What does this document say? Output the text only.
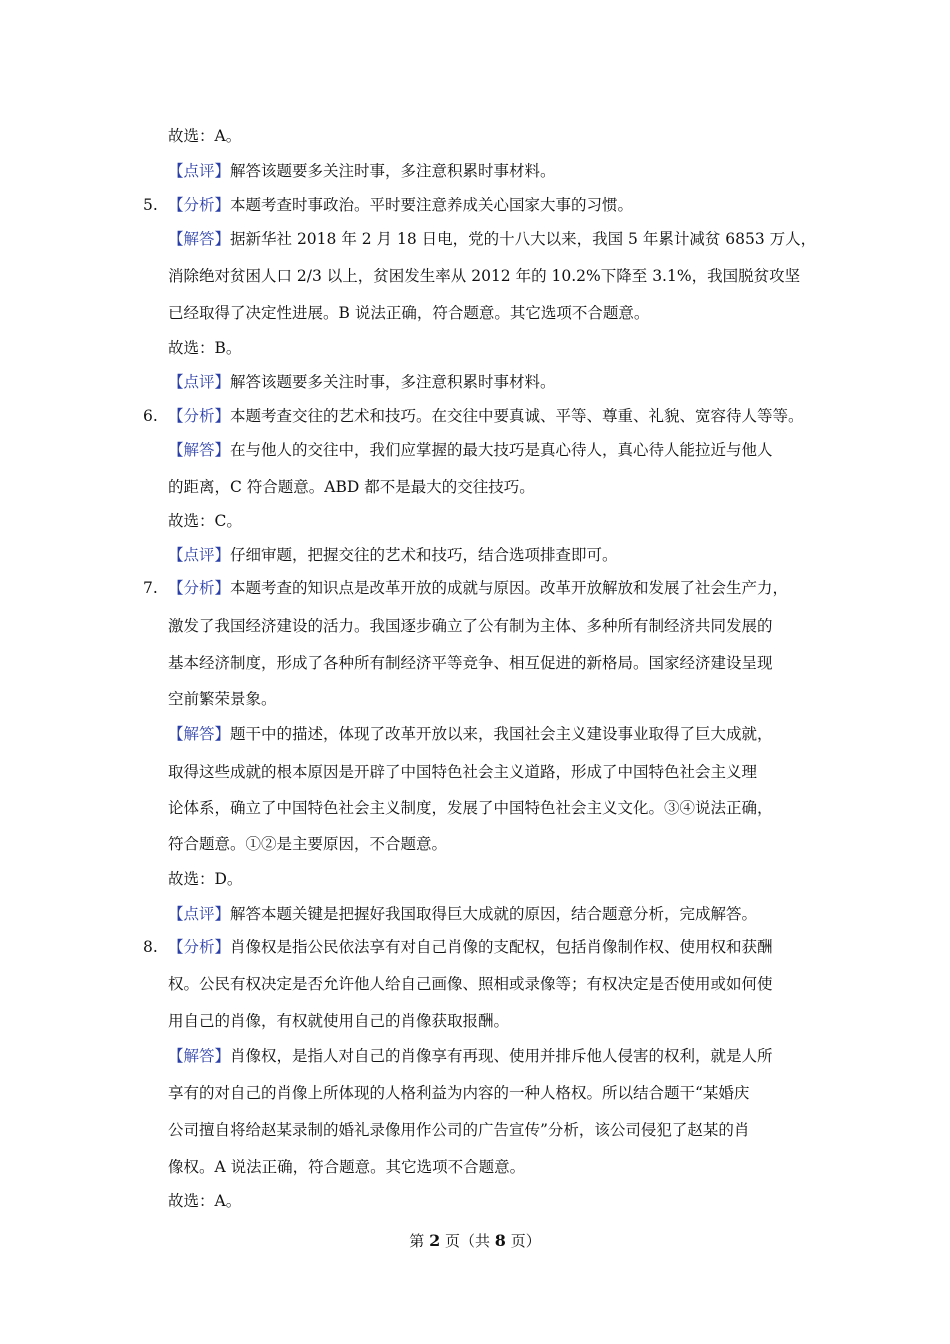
故选：A。
【点评】解答该题要多关注时事，多注意积累时事材料。
5. 【分析】本题考查时事政治。平时要注意养成关心国家大事的习惯。
【解答】据新华社 2018 年 2 月 18 日电，党的十八大以来，我国 5 年累计减贫 6853 万人，
消除绝对贫困人口 2/3 以上，贫困发生率从 2012 年的 10.2%下降至 3.1%，我国脱贫攻坚
已经取得了决定性进展。B 说法正确，符合题意。其它选项不合题意。
故选：B。
【点评】解答该题要多关注时事，多注意积累时事材料。
6. 【分析】本题考查交往的艺术和技巧。在交往中要真诚、平等、尊重、礼貌、宽容待人等等。
【解答】在与他人的交往中，我们应掌握的最大技巧是真心待人，真心待人能拉近与他人
的距离，C 符合题意。ABD 都不是最大的交往技巧。
故选：C。
【点评】仔细审题，把握交往的艺术和技巧，结合选项排查即可。
7. 【分析】本题考查的知识点是改革开放的成就与原因。改革开放解放和发展了社会生产力，
激发了我国经济建设的活力。我国逐步确立了公有制为主体、多种所有制经济共同发展的
基本经济制度，形成了各种所有制经济平等竞争、相互促进的新格局。国家经济建设呈现
空前繁荣景象。
【解答】题干中的描述，体现了改革开放以来，我国社会主义建设事业取得了巨大成就，
取得这些成就的根本原因是开辟了中国特色社会主义道路，形成了中国特色社会主义理
论体系，确立了中国特色社会主义制度，发展了中国特色社会主义文化。③④说法正确，
符合题意。①②是主要原因，不合题意。
故选：D。
【点评】解答本题关键是把握好我国取得巨大成就的原因，结合题意分析，完成解答。
8. 【分析】肖像权是指公民依法享有对自己肖像的支配权，包括肖像制作权、使用权和获酬
权。公民有权决定是否允许他人给自己画像、照相或录像等；有权决定是否使用或如何使
用自己的肖像，有权就使用自己的肖像获取报酬。
【解答】肖像权，是指人对自己的肖像享有再现、使用并排斥他人侵害的权利，就是人所
享有的对自己的肖像上所体现的人格利益为内容的一种人格权。所以结合题干“某婚庆
公司擅自将给赵某录制的婚礼录像用作公司的广告宣传”分析，该公司侵犯了赵某的肖
像权。A 说法正确，符合题意。其它选项不合题意。
故选：A。
第 2 页（共 8 页）
